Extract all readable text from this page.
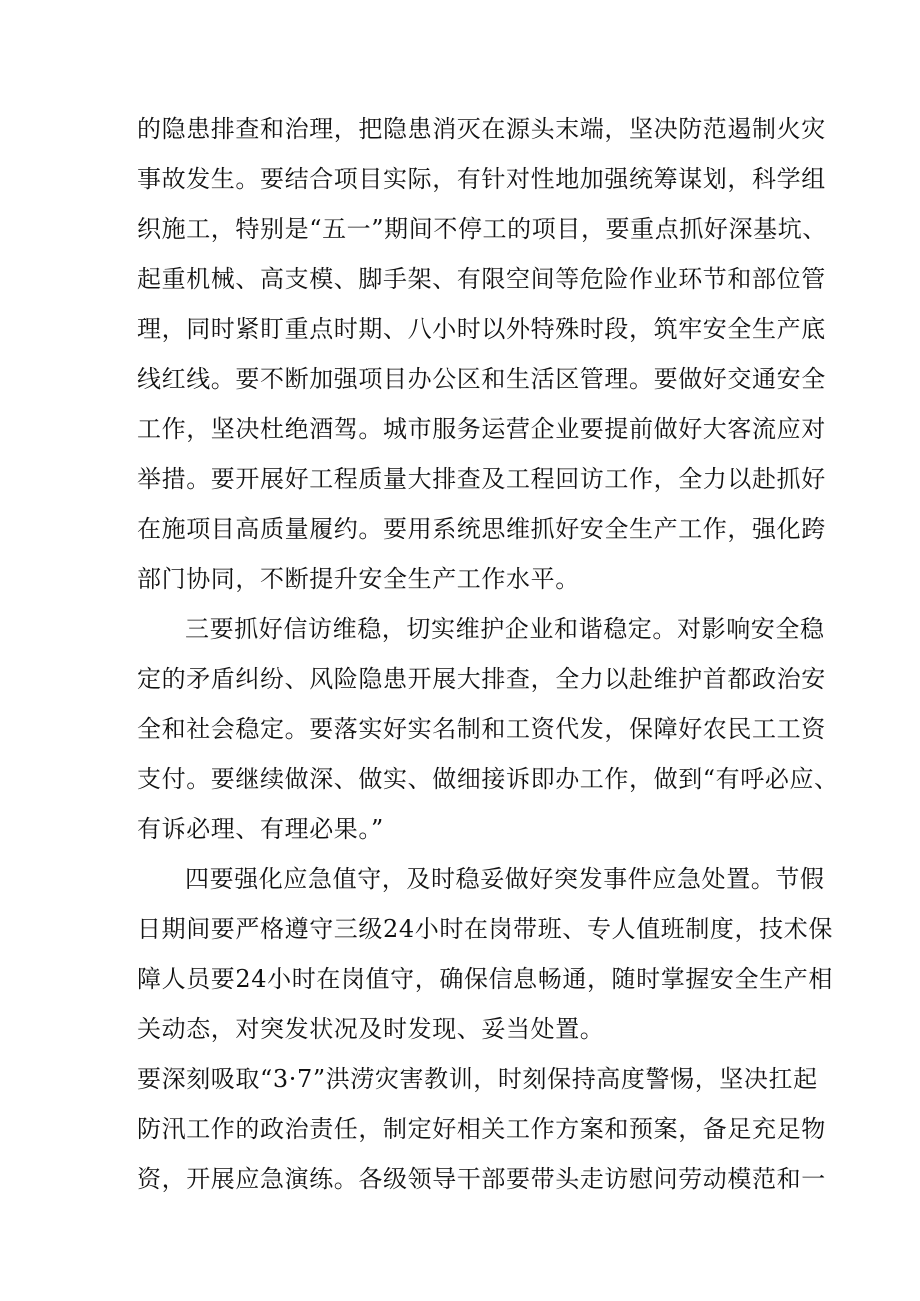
的隐患排查和治理，把隐患消灭在源头末端，坚决防范遏制火灾

事故发生。要结合项目实际，有针对性地加强统筹谋划，科学组

织施工，特别是“五一”期间不停工的项目，要重点抓好深基坑、

起重机械、高支模、脚手架、有限空间等危险作业环节和部位管

理，同时紧盯重点时期、八小时以外特殊时段，筑牢安全生产底

线红线。要不断加强项目办公区和生活区管理。要做好交通安全

工作，坚决杜绝酒驾。城市服务运营企业要提前做好大客流应对

举措。要开展好工程质量大排查及工程回访工作，全力以赴抓好

在施项目高质量履约。要用系统思维抓好安全生产工作，强化跨

部门协同，不断提升安全生产工作水平。

三要抓好信访维稳，切实维护企业和谐稳定。对影响安全稳

定的矛盾纠纷、风险隐患开展大排查，全力以赴维护首都政治安

全和社会稳定。要落实好实名制和工资代发，保障好农民工工资

支付。要继续做深、做实、做细接诉即办工作，做到“有呼必应、

有诉必理、有理必果。”

四要强化应急值守，及时稳妥做好突发事件应急处置。节假

日期间要严格遵守三级24小时在岗带班、专人值班制度，技术保

障人员要24小时在岗值守，确保信息畅通，随时掌握安全生产相

关动态，对突发状况及时发现、妥当处置。

要深刻吸取“3·7”洪涝灾害教训，时刻保持高度警惕，坚决扛起

防汛工作的政治责任，制定好相关工作方案和预案，备足充足物

资，开展应急演练。各级领导干部要带头走访慰问劳动模范和一
